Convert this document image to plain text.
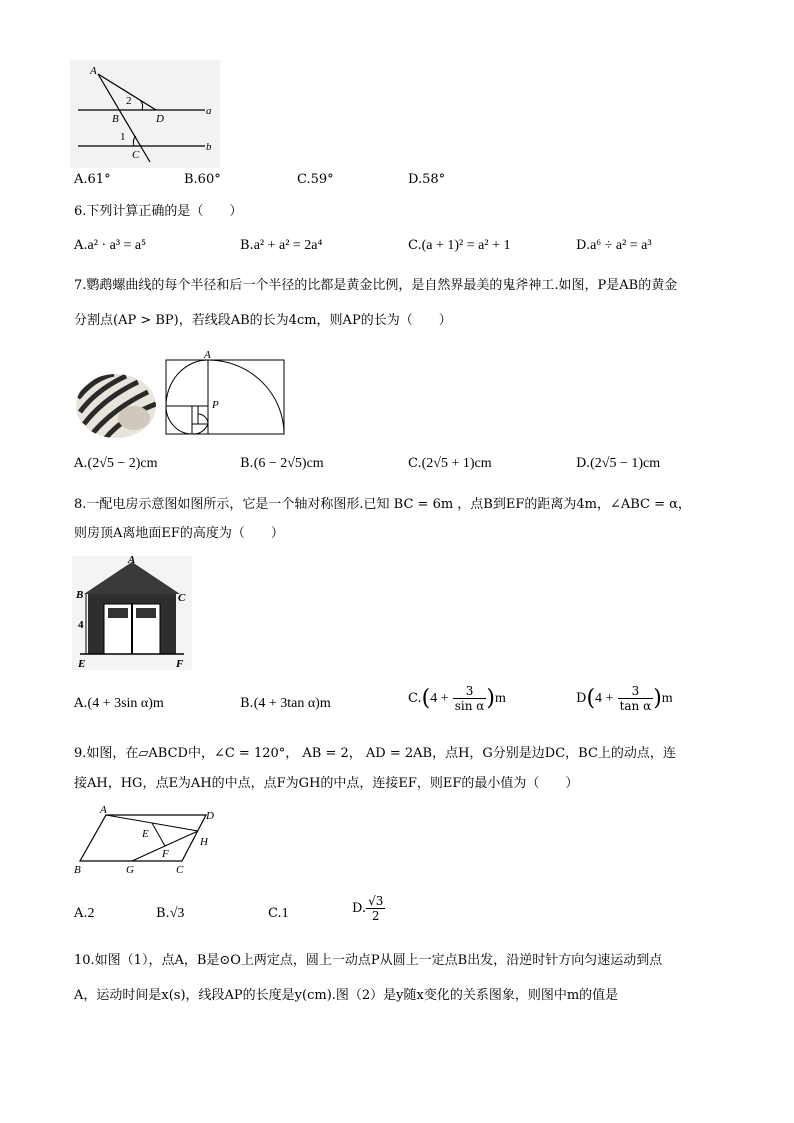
A
2
B	D
a
1
C
b
A.61°	B.60°	C.59°	D.58°
6.下列计算正确的是（　　）
A.a² · a³ = a⁵	B.a² + a² = 2a⁴	C.(a + 1)² = a² + 1	D.a⁶ ÷ a² = a³
7.鹦鹉螺曲线的每个半径和后一个半径的比都是黄金比例，是自然界最美的鬼斧神工.如图，P是AB的黄金
分割点(AP > BP)，若线段AB的长为4cm，则AP的长为（　　）
A
P
A.(2√5 − 2)cm	B.(6 − 2√5)cm	C.(2√5 + 1)cm	D.(2√5 − 1)cm
8.一配电房示意图如图所示，它是一个轴对称图形.已知 BC = 6m ，点B到EF的距离为4m，∠ABC = α，
则房顶A离地面EF的高度为（　　）
A
B	C
4
E	F
A.(4 + 3sin α)m	B.(4 + 3tan α)m	$C.(4 + \frac{3}{\text{sin α}} )m$	$D(4 + \frac{3}{\text{tan α}} )m$
9.如图，在▱ABCD中，∠C = 120°， AB = 2， AD = 2AB，点H，G分别是边DC，BC上的动点，连
接AH，HG，点E为AH的中点，点F为GH的中点，连接EF，则EF的最小值为（　　）
A	D
E
H
F
B	G	C
A.2	B.√3	C.1	D. $\frac{√3}{2}$
10.如图（1），点A，B是⊙O上两定点，圆上一动点P从圆上一定点B出发，沿逆时针方向匀速运动到点
A，运动时间是x(s)，线段AP的长度是y(cm).图（2）是y随x变化的关系图象，则图中m的值是
